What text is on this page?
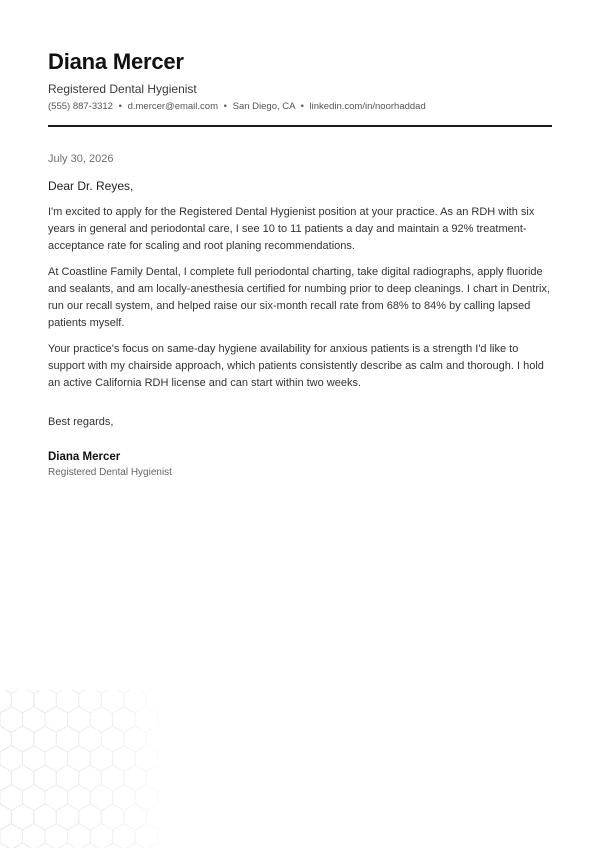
Diana Mercer
Registered Dental Hygienist
(555) 887-3312 • d.mercer@email.com • San Diego, CA • linkedin.com/in/noorhaddad
July 30, 2026
Dear Dr. Reyes,

I'm excited to apply for the Registered Dental Hygienist position at your practice. As an RDH with six years in general and periodontal care, I see 10 to 11 patients a day and maintain a 92% treatment-acceptance rate for scaling and root planing recommendations.

At Coastline Family Dental, I complete full periodontal charting, take digital radiographs, apply fluoride and sealants, and am locally-anesthesia certified for numbing prior to deep cleanings. I chart in Dentrix, run our recall system, and helped raise our six-month recall rate from 68% to 84% by calling lapsed patients myself.

Your practice's focus on same-day hygiene availability for anxious patients is a strength I'd like to support with my chairside approach, which patients consistently describe as calm and thorough. I hold an active California RDH license and can start within two weeks.

Best regards,
Diana Mercer
Registered Dental Hygienist
